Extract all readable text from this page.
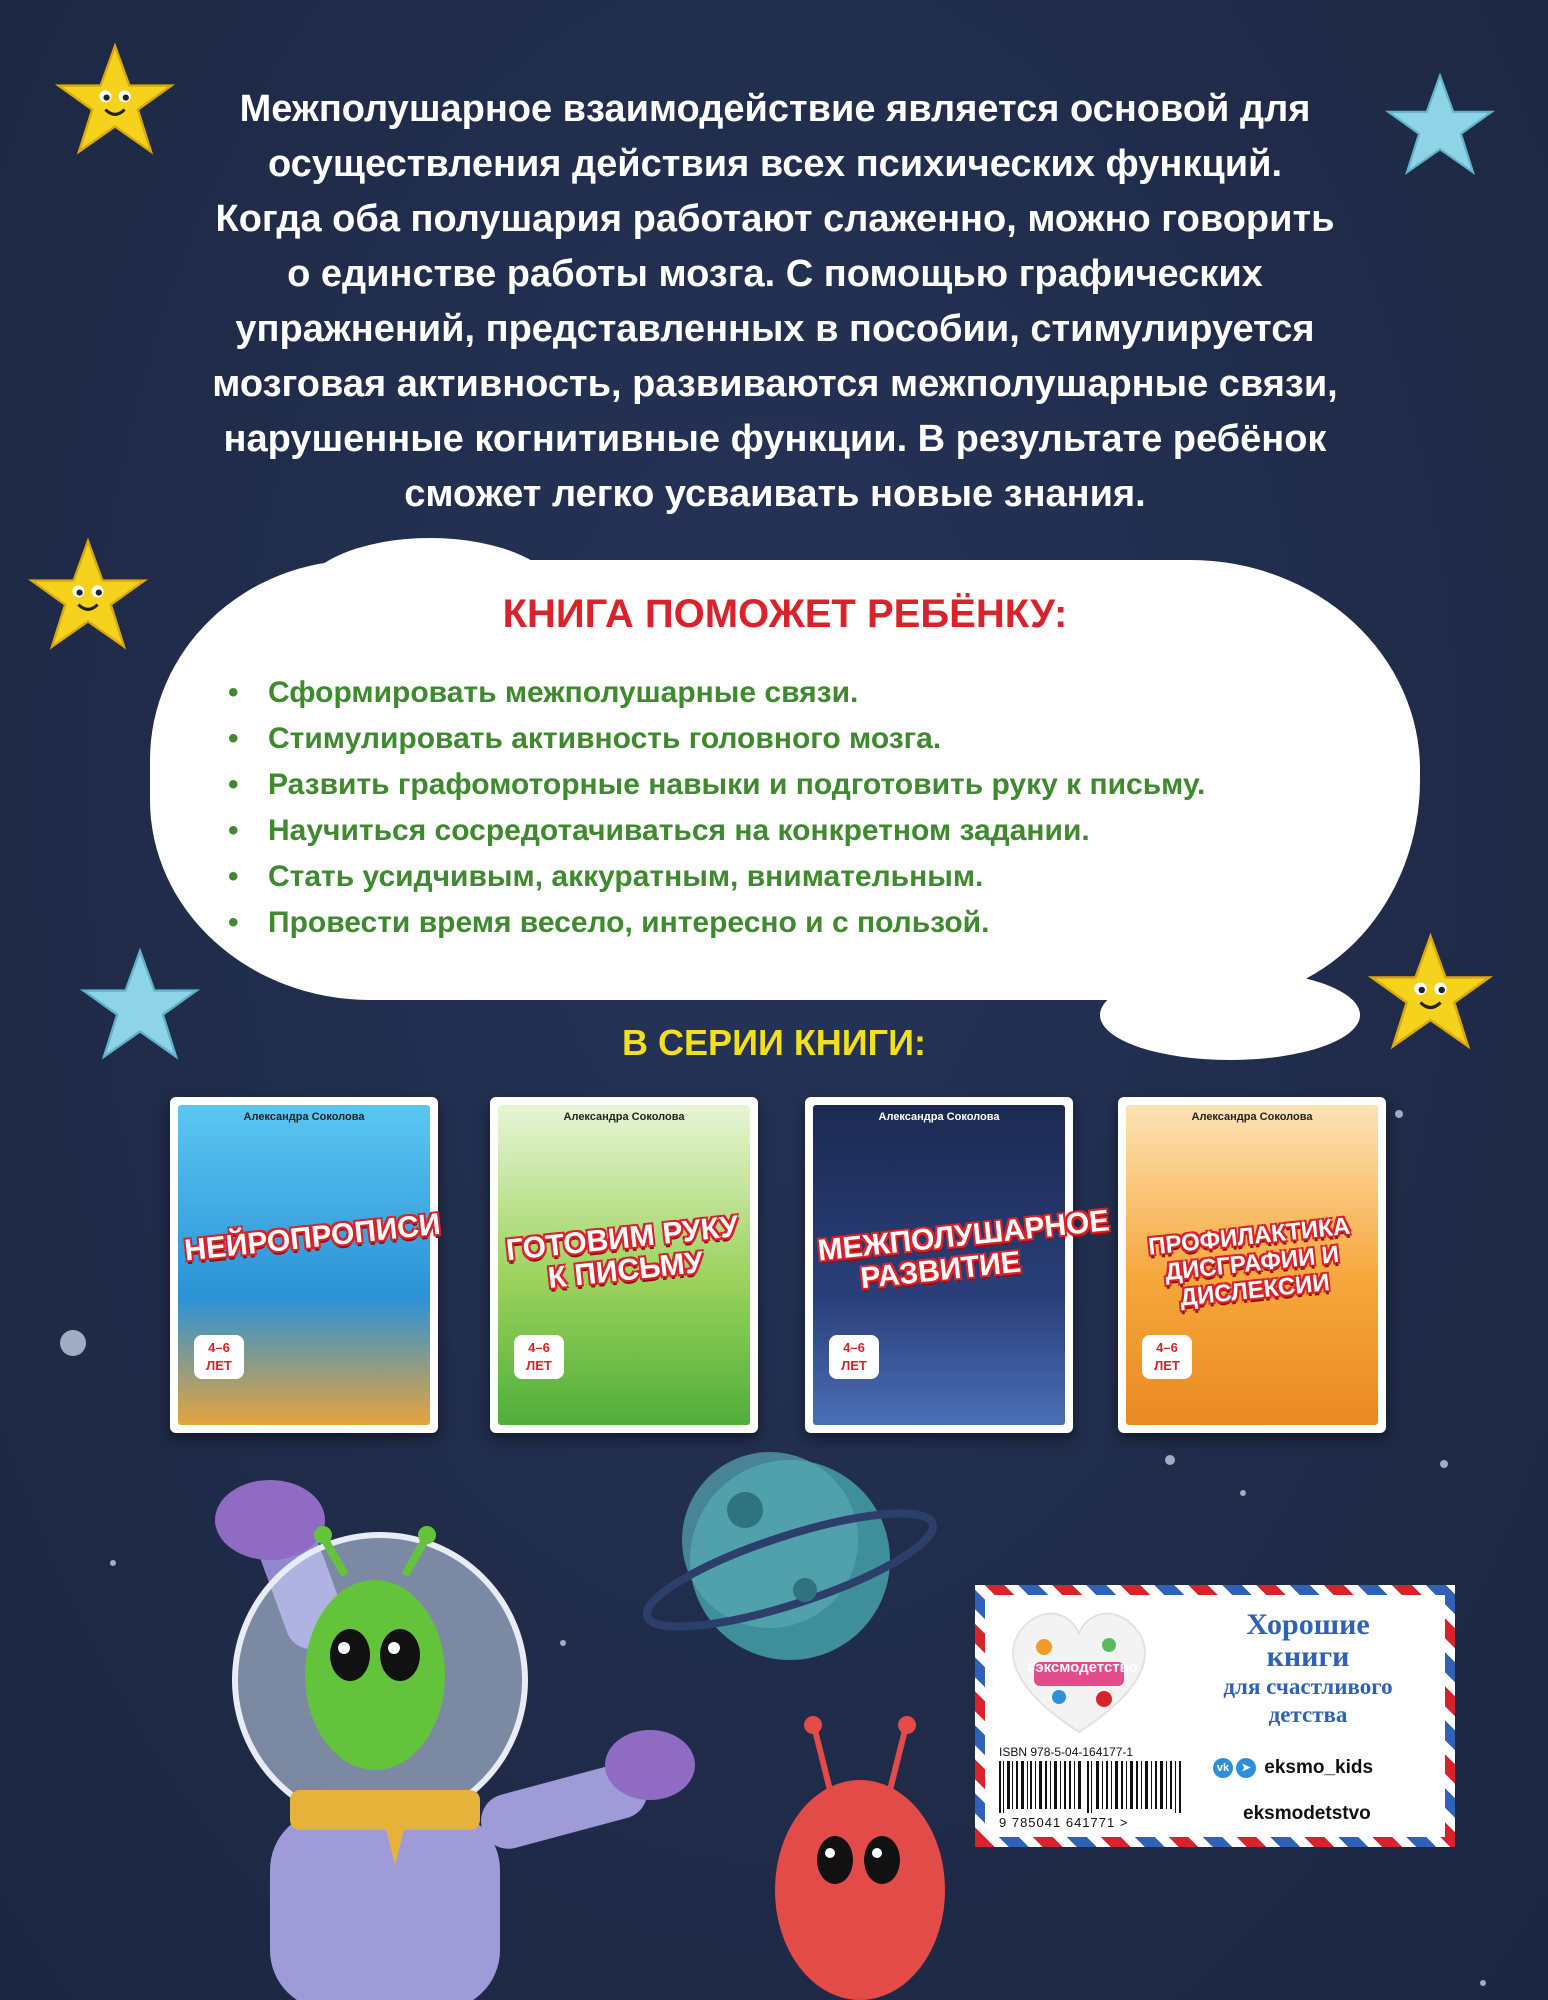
Межполушарное взаимодействие является основой для
осуществления действия всех психических функций.
Когда оба полушария работают слаженно, можно говорить
о единстве работы мозга. С помощью графических
упражнений, представленных в пособии, стимулируется
мозговая активность, развиваются межполушарные связи,
нарушенные когнитивные функции. В результате ребёнок
сможет легко усваивать новые знания.

КНИГА ПОМОЖЕТ РЕБЁНКУ:
• Сформировать межполушарные связи.
• Стимулировать активность головного мозга.
• Развить графомоторные навыки и подготовить руку к письму.
• Научиться сосредотачиваться на конкретном задании.
• Стать усидчивым, аккуратным, внимательным.
• Провести время весело, интересно и с пользой.
В СЕРИИ КНИГИ:
Александра Соколова
НЕЙРОПРОПИСИ
4–6 ЛЕТ
Александра Соколова
ГОТОВИМ РУКУ К ПИСЬМУ
4–6 ЛЕТ
Александра Соколова
МЕЖПОЛУШАРНОЕ РАЗВИТИЕ
4–6 ЛЕТ
Александра Соколова
ПРОФИЛАКТИКА ДИСГРАФИИ И ДИСЛЕКСИИ
4–6 ЛЕТ
#эксмодетство
Хорошие
книги
для счастливого
детства
ISBN 978-5-04-164177-1
9 785041 641771 >
vk ➤ eksmo_kids
eksmodetstvo
